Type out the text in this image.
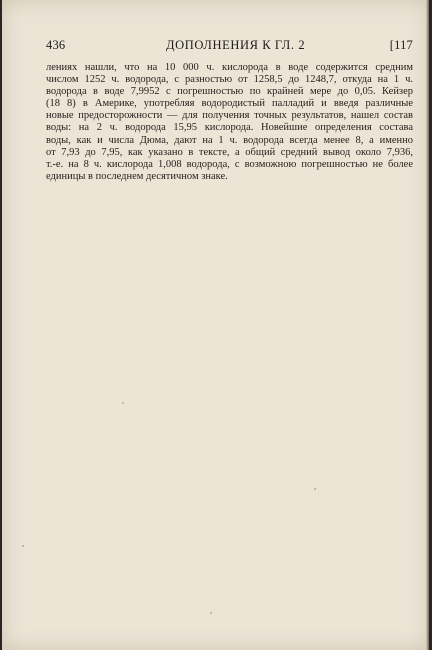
436	ДОПОЛНЕНИЯ К ГЛ. 2	[117
лениях нашли, что на 10 000 ч. кислорода в воде содержится средним
числом 1252 ч. водорода, с разностью от 1258,5 до 1248,7, откуда на 1 ч.
водорода в воде 7,9952 с погрешностью по крайней мере до 0,05. Кейзер
(18 8) в Америке, употребляя водородистый палладий и введя различные
новые предосторожности — для получения точных результатов, нашел состав
воды: на 2 ч. водорода 15,95 кислорода. Новейшие определения состава
воды, как и числа Дюма, дают на 1 ч. водорода всегда менее 8, а именно
от 7,93 до 7,95, как указано в тексте, а общий средний вывод около 7,936,
т.-е. на 8 ч. кислорода 1,008 водорода, с возможною погрешностью не более
единицы в последнем десятичном знаке.
